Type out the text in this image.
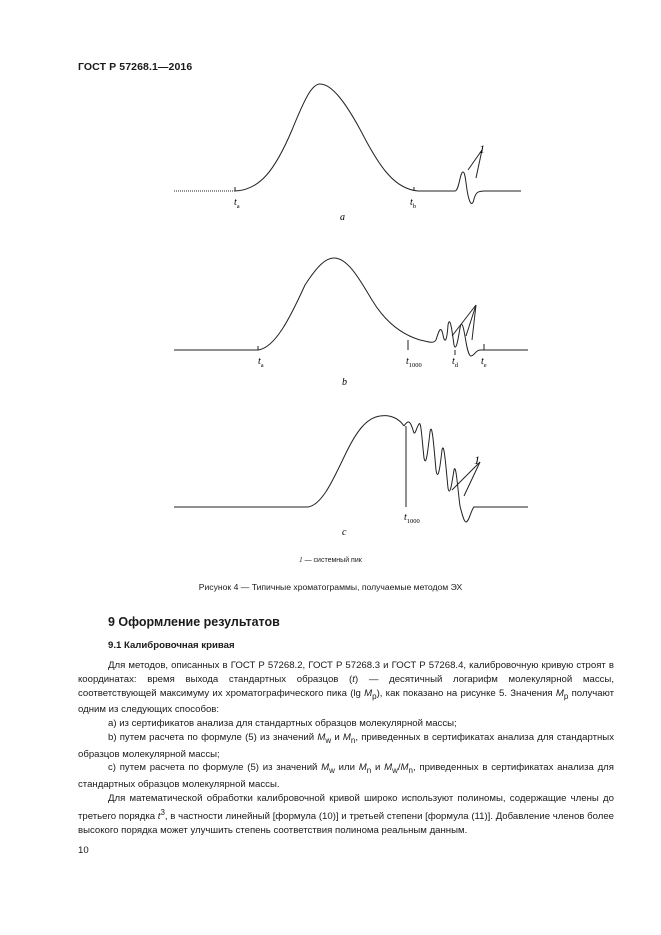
ГОСТ Р 57268.1—2016
$t_a$	$t_b$
1
a
$t_a$	$t_{1000}$	$t_d$ $t_e$
b
$t_{1000}$
1
c
1 — системный пик
Рисунок 4 — Типичные хроматограммы, получаемые методом ЭХ
9 Оформление результатов
9.1 Калибровочная кривая

Для методов, описанных в ГОСТ Р 57268.2, ГОСТ Р 57268.3 и ГОСТ Р 57268.4, калибровочную кривую строят в координатах: время выхода стандартных образцов (t) — десятичный логарифм молекулярной массы, соответствующей максимуму их хроматографического пика (lg $M_p$), как показано на рисунке 5. Значения $M_p$ получают одним из следующих способов:

a) из сертификатов анализа для стандартных образцов молекулярной массы;

b) путем расчета по формуле (5) из значений $M_w$ и $M_n$, приведенных в сертификатах анализа для стандартных образцов молекулярной массы;

c) путем расчета по формуле (5) из значений $M_w$ или $M_n$ и $M_w/M_n$, приведенных в сертификатах анализа для стандартных образцов молекулярной массы.

Для математической обработки калибровочной кривой широко используют полиномы, содержащие члены до третьего порядка $t^3$, в частности линейный [формула (10)] и третьей степени [формула (11)]. Добавление членов более высокого порядка может улучшить степень соответствия полинома реальным данным.

10
